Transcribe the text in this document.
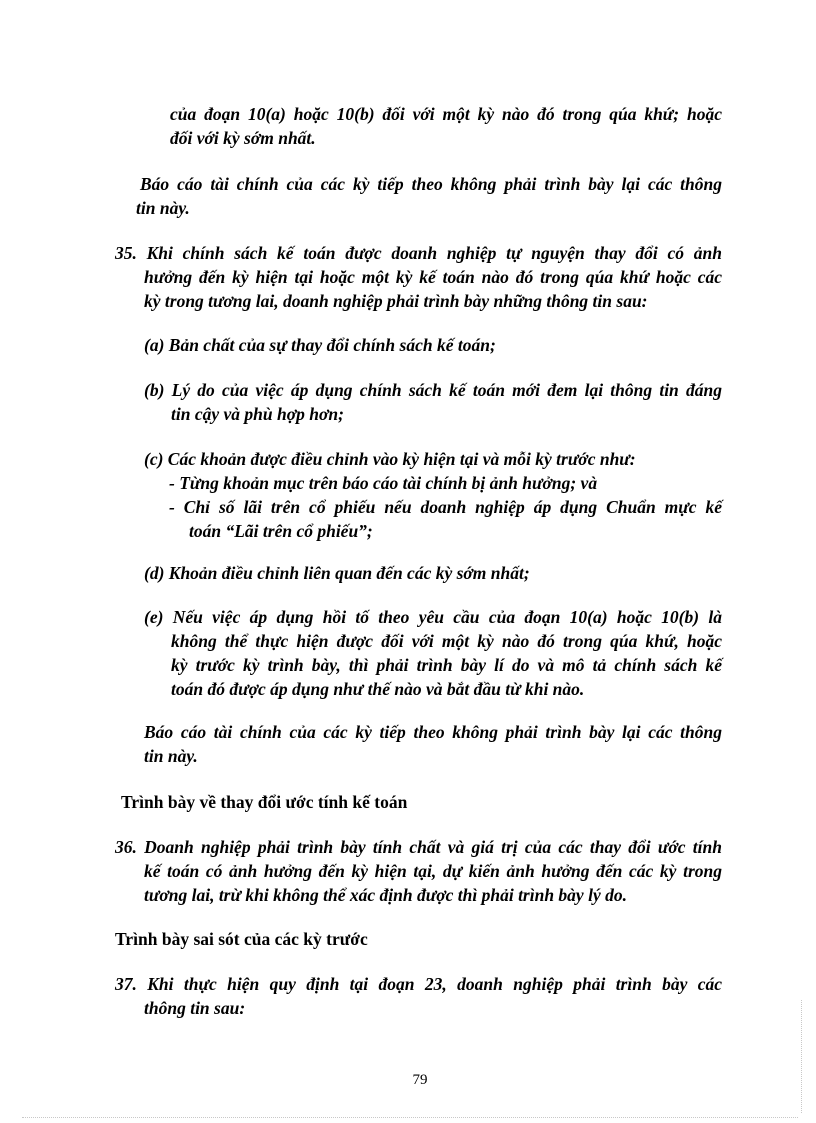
của đoạn 10(a) hoặc 10(b) đối với một kỳ nào đó trong qúa khứ; hoặc
đối với kỳ sớm nhất.
Báo cáo tài chính của các kỳ tiếp theo không phải trình bày lại các thông
tin này.
35. Khi chính sách kế toán được doanh nghiệp tự nguyện thay đổi có ảnh
hưởng đến kỳ hiện tại hoặc một kỳ kế toán nào đó trong qúa khứ hoặc các
kỳ trong tương lai, doanh nghiệp phải trình bày những thông tin sau:
(a) Bản chất của sự thay đổi chính sách kế toán;
(b) Lý do của việc áp dụng chính sách kế toán mới đem lại thông tin đáng
tin cậy và phù hợp hơn;
(c) Các khoản được điều chỉnh vào kỳ hiện tại và mỗi kỳ trước như:
- Từng khoản mục trên báo cáo tài chính bị ảnh hưởng; và
- Chỉ số lãi trên cổ phiếu nếu doanh nghiệp áp dụng Chuẩn mực kế
toán “Lãi trên cổ phiếu”;
(d) Khoản điều chỉnh liên quan đến các kỳ sớm nhất;
(e) Nếu việc áp dụng hồi tố theo yêu cầu của đoạn 10(a) hoặc 10(b) là
không thể thực hiện được đối với một kỳ nào đó trong qúa khứ, hoặc
kỳ trước kỳ trình bày, thì phải trình bày lí do và mô tả chính sách kế
toán đó được áp dụng như thế nào và bắt đầu từ khi nào.
Báo cáo tài chính của các kỳ tiếp theo không phải trình bày lại các thông
tin này.
Trình bày về thay đổi ước tính kế toán
36. Doanh nghiệp phải trình bày tính chất và giá trị của các thay đổi ước tính
kế toán có ảnh hưởng đến kỳ hiện tại, dự kiến ảnh hưởng đến các kỳ trong
tương lai, trừ khi không thể xác định được thì phải trình bày lý do.
Trình bày sai sót của các kỳ trước
37. Khi thực hiện quy định tại đoạn 23, doanh nghiệp phải trình bày các
thông tin sau:
79
